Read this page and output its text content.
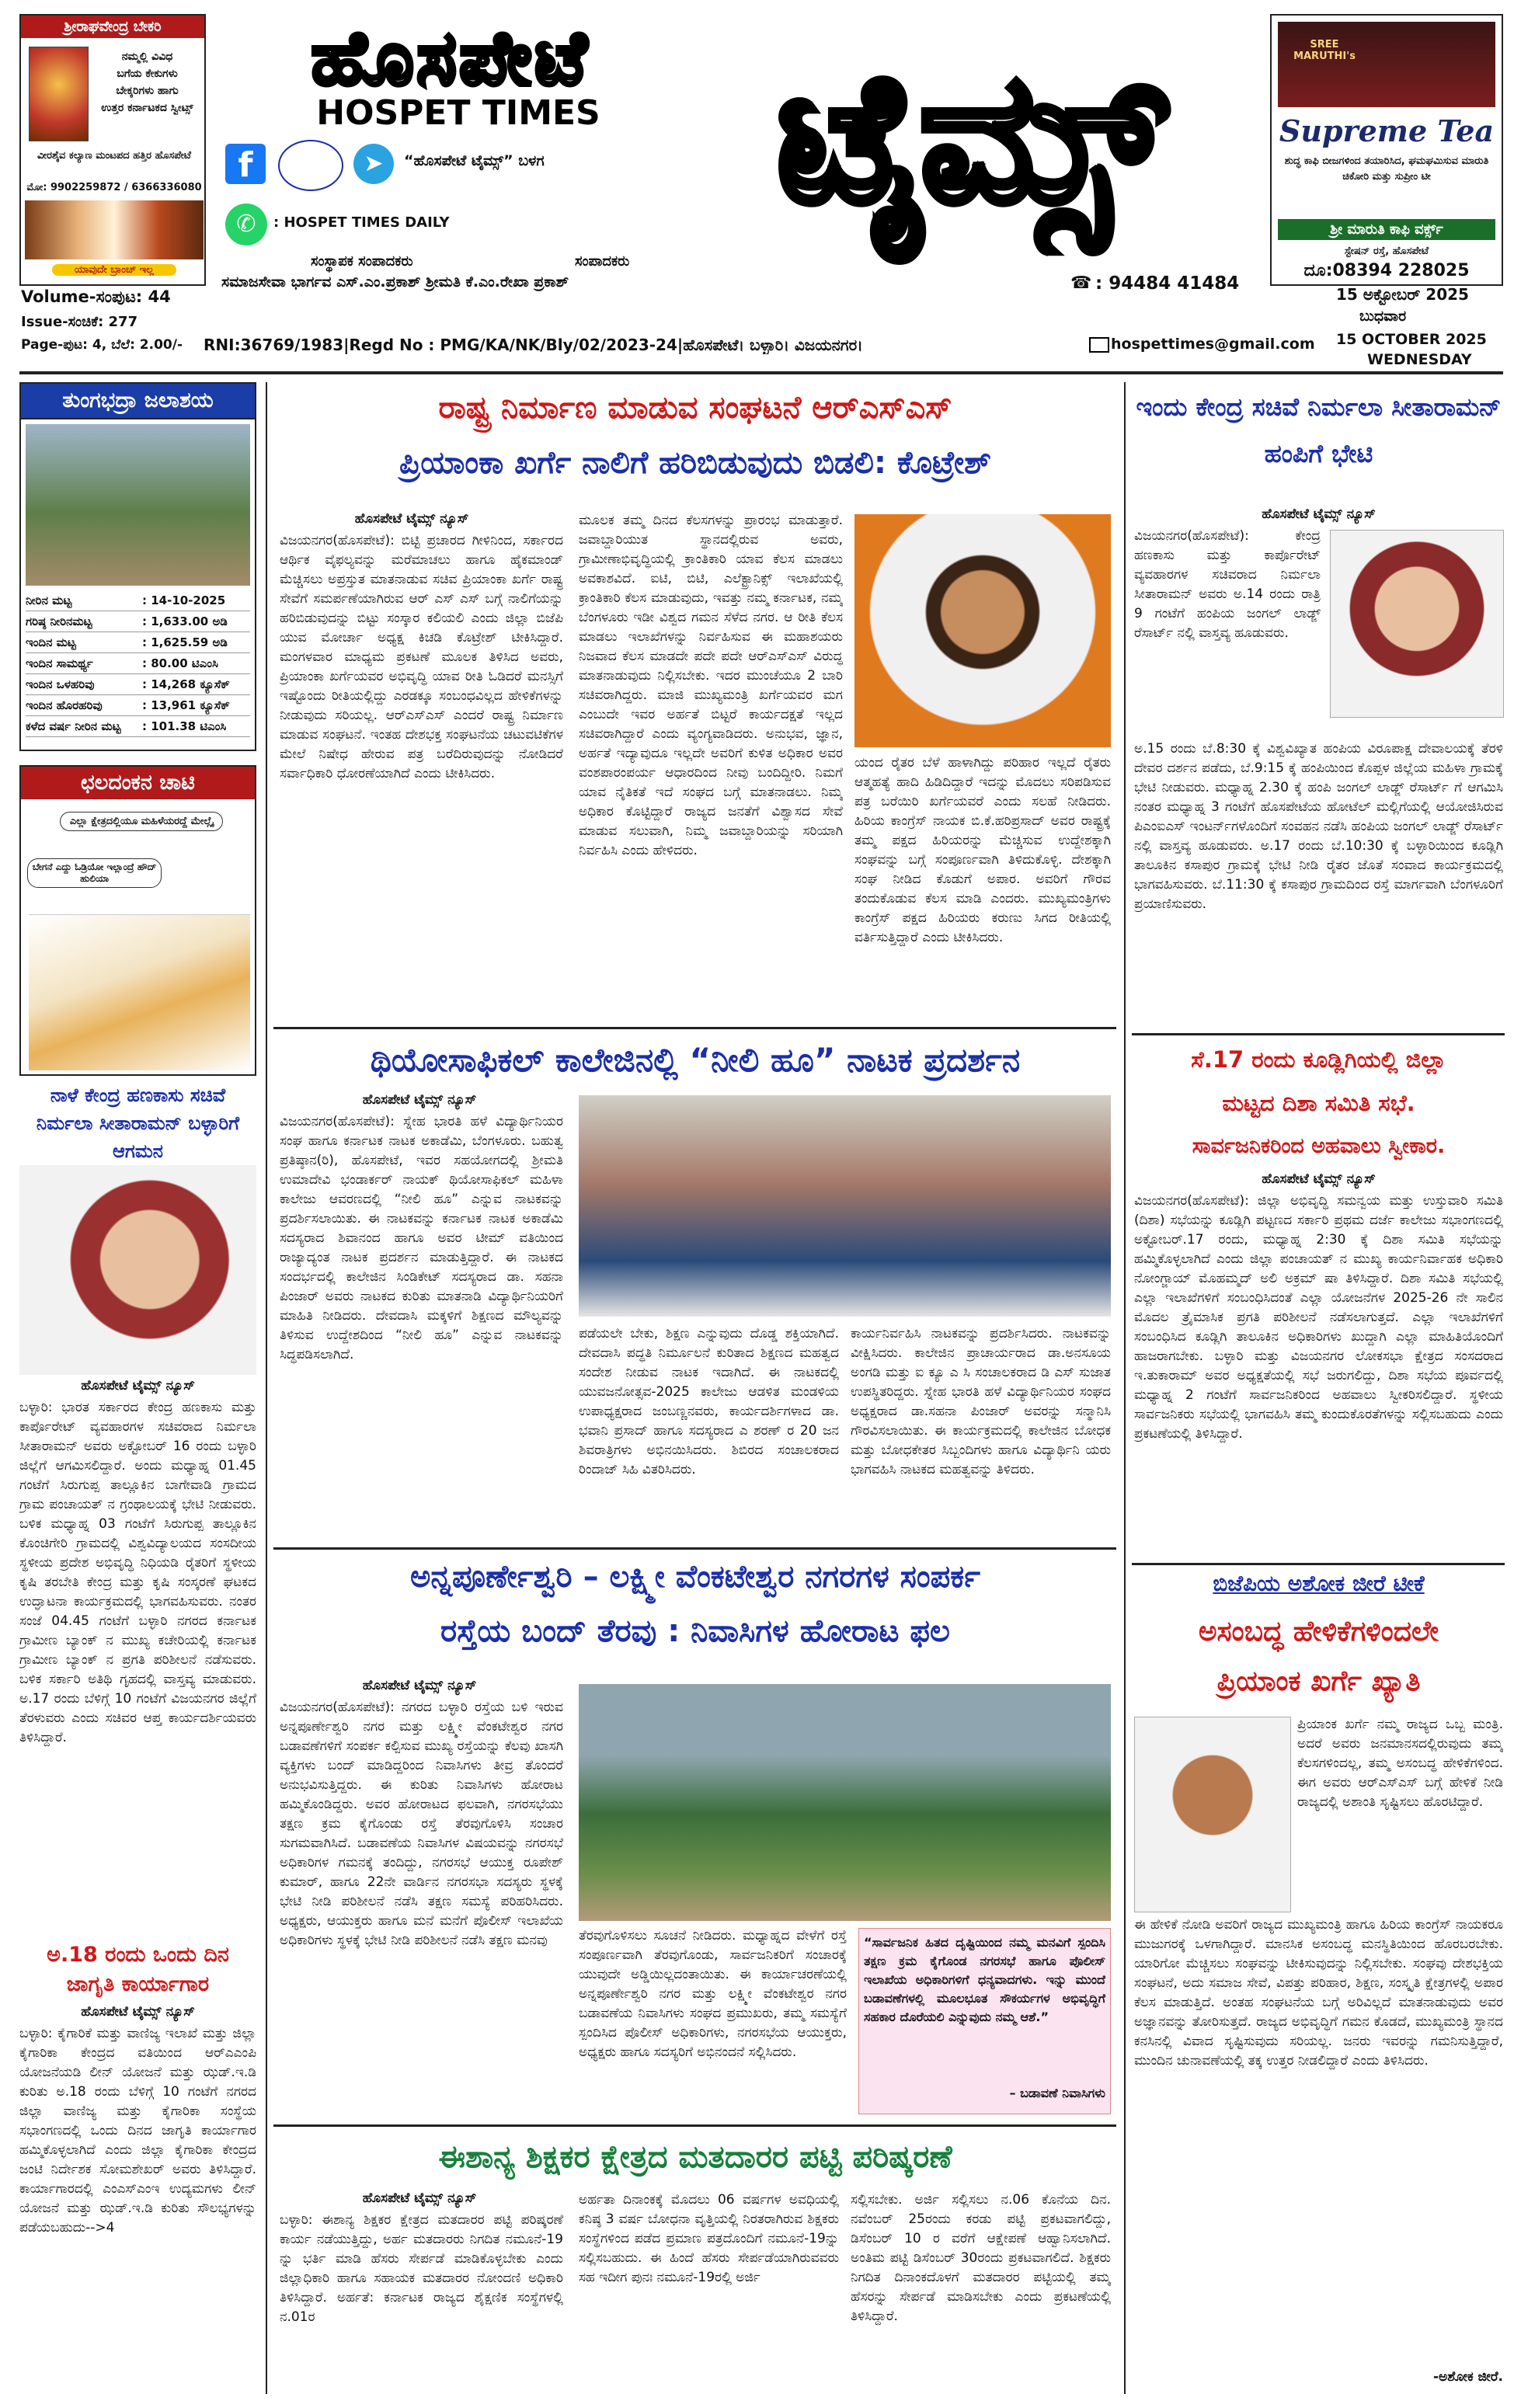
ಶ್ರೀರಾಘವೇಂದ್ರ ಬೇಕರಿ
ನಮ್ಮಲ್ಲಿ ವಿವಿಧ
ಬಗೆಯ ಕೇಕುಗಳು
ಬೇಕ್ಕರಿಗಳು ಹಾಗು
ಉತ್ತರ ಕರ್ನಾಟಕದ ಸ್ವೀಟ್ಸ್
ವೀರಶೈವ ಕಲ್ಯಾಣ ಮಂಟಪದ ಹತ್ತಿರ ಹೊಸಪೇಟೆ
ಮೋ: 9902259872 / 6366336080
ಯಾವುದೇ ಬ್ರಾಂಚ್ ಇಲ್ಲ
ಹೊಸಪೇಟೆ
HOSPET TIMES ಟೈಮ್ಸ್
f	➤	“ಹೊಸಪೇಟೆ ಟೈಮ್ಸ್” ಬಳಗ
✆	: HOSPET TIMES DAILY
ಸಂಸ್ಥಾಪಕ ಸಂಪಾದಕರು	ಸಂಪಾದಕರು
ಸಮಾಜಸೇವಾ ಭಾರ್ಗವ ಎಸ್.ಎಂ.ಪ್ರಕಾಶ್ ಶ್ರೀಮತಿ ಕೆ.ಎಂ.ರೇಖಾ ಪ್ರಕಾಶ್	☎ : 94484 41484
SREE MARUTHI's
Supreme Tea
ಶುದ್ಧ ಕಾಫಿ ಬೀಜಗಳಿಂದ ತಯಾರಿಸಿದ, ಘಮಘಮಿಸುವ ಮಾರುತಿ ಚಿಕೋರಿ ಮತ್ತು ಸುಪ್ರೀಂ ಟೀ
ಶ್ರೀ ಮಾರುತಿ ಕಾಫಿ ವರ್ಕ್ಸ್
ಸ್ಟೇಷನ್ ರಸ್ತೆ, ಹೊಸಪೇಟೆ
ದೂ:08394 228025
Volume-ಸಂಪುಟ: 44
Issue-ಸಂಚಿಕೆ: 277
Page-ಪುಟ: 4, ಬೆಲೆ: 2.00/- RNI:36769/1983|Regd No : PMG/KA/NK/Bly/02/2023-24|ಹೊಸಪೇಟೆ। ಬಳ್ಳಾರಿ। ವಿಜಯನಗರ।	hospettimes@gmail.com
15 ಅಕ್ಟೋಬರ್ 2025
ಬುಧವಾರ
15 OCTOBER 2025
WEDNESDAY
ತುಂಗಭದ್ರಾ ಜಲಾಶಯ
ನೀರಿನ ಮಟ್ಟ	: 14-10-2025
ಗರಿಷ್ಠ ನೀರಿನಮಟ್ಟ	: 1,633.00 ಅಡಿ
ಇಂದಿನ ಮಟ್ಟ	: 1,625.59 ಅಡಿ
ಇಂದಿನ ಸಾಮರ್ಥ್ಯ	: 80.00 ಟಿಎಂಸಿ
ಇಂದಿನ ಒಳಹರಿವು	: 14,268 ಕ್ಯೂಸೆಕ್
ಇಂದಿನ ಹೊರಹರಿವು	: 13,961 ಕ್ಯೂಸೆಕ್
ಕಳೆದ ವರ್ಷ ನೀರಿನ ಮಟ್ಟ	: 101.38 ಟಿಎಂಸಿ
ಛಲದಂಕನ ಚಾಟಿ
ಎಲ್ಲಾ ಕ್ಷೇತ್ರದಲ್ಲಿಯೂ ಮಹಿಳೆಯರದ್ದೆ ಮೇಲ್ಗೈ
ಬೇಗನೆ ಎದ್ದು ಓಡ್ರಿಯೋ ಇಲ್ಲಾಂದ್ರೆ ಹೌದ್ ಹುಲಿಯಾ
ನಾಳೆ ಕೇಂದ್ರ ಹಣಕಾಸು ಸಚಿವೆ ನಿರ್ಮಲಾ ಸೀತಾರಾಮನ್ ಬಳ್ಳಾರಿಗೆ ಆಗಮನ
ಹೊಸಪೇಟೆ ಟೈಮ್ಸ್ ನ್ಯೂಸ್
ಬಳ್ಳಾರಿ: ಭಾರತ ಸರ್ಕಾರದ ಕೇಂದ್ರ ಹಣಕಾಸು ಮತ್ತು ಕಾರ್ಪೊರೇಟ್ ವ್ಯವಹಾರಗಳ ಸಚಿವರಾದ ನಿರ್ಮಲಾ ಸೀತಾರಾಮನ್ ಅವರು ಅಕ್ಟೋಬರ್ 16 ರಂದು ಬಳ್ಳಾರಿ ಜಿಲ್ಲೆಗೆ ಆಗಮಿಸಲಿದ್ದಾರೆ. ಅಂದು ಮಧ್ಯಾಹ್ನ 01.45 ಗಂಟೆಗೆ ಸಿರುಗುಪ್ಪ ತಾಲ್ಲೂಕಿನ ಬಾಗೇವಾಡಿ ಗ್ರಾಮದ ಗ್ರಾಮ ಪಂಚಾಯತ್ ನ ಗ್ರಂಥಾಲಯಕ್ಕೆ ಭೇಟಿ ನೀಡುವರು. ಬಳಿಕ ಮಧ್ಯಾಹ್ನ 03 ಗಂಟೆಗೆ ಸಿರುಗುಪ್ಪ ತಾಲ್ಲೂಕಿನ ಕೊಂಚಿಗೇರಿ ಗ್ರಾಮದಲ್ಲಿ ವಿಶ್ವವಿದ್ಯಾಲಯದ ಸಂಸದೀಯ ಸ್ಥಳೀಯ ಪ್ರದೇಶ ಅಭಿವೃದ್ಧಿ ನಿಧಿಯಡಿ ರೈತರಿಗೆ ಸ್ಥಳೀಯ ಕೃಷಿ ತರಬೇತಿ ಕೇಂದ್ರ ಮತ್ತು ಕೃಷಿ ಸಂಸ್ಕರಣೆ ಘಟಕದ ಉದ್ಘಾಟನಾ ಕಾರ್ಯಕ್ರಮದಲ್ಲಿ ಭಾಗವಹಿಸುವರು. ನಂತರ ಸಂಜೆ 04.45 ಗಂಟೆಗೆ ಬಳ್ಳಾರಿ ನಗರದ ಕರ್ನಾಟಕ ಗ್ರಾಮೀಣ ಬ್ಯಾಂಕ್ ನ ಮುಖ್ಯ ಕಚೇರಿಯಲ್ಲಿ ಕರ್ನಾಟಕ ಗ್ರಾಮೀಣ ಬ್ಯಾಂಕ್ ನ ಪ್ರಗತಿ ಪರಿಶೀಲನೆ ನಡೆಸುವರು. ಬಳಿಕ ಸರ್ಕಾರಿ ಅತಿಥಿ ಗೃಹದಲ್ಲಿ ವಾಸ್ತವ್ಯ ಮಾಡುವರು. ಅ.17 ರಂದು ಬೆಳಿಗ್ಗೆ 10 ಗಂಟೆಗೆ ವಿಜಯನಗರ ಜಿಲ್ಲೆಗೆ ತೆರಳುವರು ಎಂದು ಸಚಿವರ ಆಪ್ತ ಕಾರ್ಯದರ್ಶಿಯವರು ತಿಳಿಸಿದ್ದಾರೆ.
ಅ.18 ರಂದು ಒಂದು ದಿನ ಜಾಗೃತಿ ಕಾರ್ಯಾಗಾರ
ಹೊಸಪೇಟೆ ಟೈಮ್ಸ್ ನ್ಯೂಸ್
ಬಳ್ಳಾರಿ: ಕೈಗಾರಿಕೆ ಮತ್ತು ವಾಣಿಜ್ಯ ಇಲಾಖೆ ಮತ್ತು ಜಿಲ್ಲಾ ಕೈಗಾರಿಕಾ ಕೇಂದ್ರದ ವತಿಯಿಂದ ಆರ್‌ಎಎಂಪಿ ಯೋಜನೆಯಡಿ ಲೀನ್ ಯೋಜನೆ ಮತ್ತು ಝಡ್.ಇ.ಡಿ ಕುರಿತು ಅ.18 ರಂದು ಬೆಳಿಗ್ಗೆ 10 ಗಂಟೆಗೆ ನಗರದ ಜಿಲ್ಲಾ ವಾಣಿಜ್ಯ ಮತ್ತು ಕೈಗಾರಿಕಾ ಸಂಸ್ಥೆಯ ಸಭಾಂಗಣದಲ್ಲಿ ಒಂದು ದಿನದ ಜಾಗೃತಿ ಕಾರ್ಯಾಗಾರ ಹಮ್ಮಿಕೊಳ್ಳಲಾಗಿದೆ ಎಂದು ಜಿಲ್ಲಾ ಕೈಗಾರಿಕಾ ಕೇಂದ್ರದ ಜಂಟಿ ನಿರ್ದೇಶಕ ಸೋಮಶೇಖರ್ ಅವರು ತಿಳಿಸಿದ್ದಾರೆ. ಕಾರ್ಯಾಗಾರದಲ್ಲಿ ಎಂಎಸ್‌ಎಂಇ ಉದ್ಯಮಗಳು ಲೀನ್ ಯೋಜನೆ ಮತ್ತು ಝಡ್.ಇ.ಡಿ ಕುರಿತು ಸೌಲಭ್ಯಗಳನ್ನು ಪಡೆಯಬಹುದು-->4
ರಾಷ್ಟ್ರ ನಿರ್ಮಾಣ ಮಾಡುವ ಸಂಘಟನೆ ಆರ್‌ಎಸ್‌ಎಸ್
ಪ್ರಿಯಾಂಕಾ ಖರ್ಗೆ ನಾಲಿಗೆ ಹರಿಬಿಡುವುದು ಬಿಡಲಿ: ಕೊಟ್ರೇಶ್
ಹೊಸಪೇಟೆ ಟೈಮ್ಸ್ ನ್ಯೂಸ್
ವಿಜಯನಗರ(ಹೊಸಪೇಟೆ): ಬಿಟ್ಟಿ ಪ್ರಚಾರದ ಗೀಳಿನಿಂದ, ಸರ್ಕಾರದ ಆರ್ಥಿಕ ವೈಫಲ್ಯವನ್ನು ಮರೆಮಾಚಲು ಹಾಗೂ ಹೈಕಮಾಂಡ್ ಮೆಚ್ಚಿಸಲು ಅಪ್ರಸ್ತುತ ಮಾತನಾಡುವ ಸಚಿವ ಪ್ರಿಯಾಂಕಾ ಖರ್ಗೆ ರಾಷ್ಟ್ರ ಸೇವೆಗೆ ಸಮರ್ಪಣೆಯಾಗಿರುವ ಆರ್ ಎಸ್ ಎಸ್ ಬಗ್ಗೆ ನಾಲಿಗೆಯನ್ನು ಹರಿಬಿಡುವುದನ್ನು ಬಿಟ್ಟು ಸಂಸ್ಕಾರ ಕಲಿಯಲಿ ಎಂದು ಜಿಲ್ಲಾ ಬಿಜೆಪಿ ಯುವ ಮೋರ್ಚಾ ಅಧ್ಯಕ್ಷ ಕಿಚಡಿ ಕೊಟ್ರೇಶ್ ಟೀಕಿಸಿದ್ದಾರೆ. ಮಂಗಳವಾರ ಮಾಧ್ಯಮ ಪ್ರಕಟಣೆ ಮೂಲಕ ತಿಳಿಸಿದ ಅವರು, ಪ್ರಿಯಾಂಕಾ ಖರ್ಗೆಯವರ ಅಭಿವೃದ್ಧಿ ಯಾವ ರೀತಿ ಓಡಿದರೆ ಮನಸ್ಸಿಗೆ ಇಷ್ಟೊಂದು ರೀತಿಯಲ್ಲಿದ್ದು ಎರಡಕ್ಕೂ ಸಂಬಂಧವಿಲ್ಲದ ಹೇಳಿಕೆಗಳನ್ನು ನೀಡುವುದು ಸರಿಯಲ್ಲ. ಆರ್‌ಎಸ್‌ಎಸ್ ಎಂದರೆ ರಾಷ್ಟ್ರ ನಿರ್ಮಾಣ ಮಾಡುವ ಸಂಘಟನೆ. ಇಂತಹ ದೇಶಭಕ್ತ ಸಂಘಟನೆಯ ಚಟುವಟಿಕೆಗಳ ಮೇಲೆ ನಿಷೇಧ ಹೇರುವ ಪತ್ರ ಬರೆದಿರುವುದನ್ನು ನೋಡಿದರೆ ಸರ್ವಾಧಿಕಾರಿ ಧೋರಣೆಯಾಗಿದೆ ಎಂದು ಟೀಕಿಸಿದರು.
ಮೂಲಕ ತಮ್ಮ ದಿನದ ಕೆಲಸಗಳನ್ನು ಪ್ರಾರಂಭ ಮಾಡುತ್ತಾರೆ. ಜವಾಬ್ದಾರಿಯುತ ಸ್ಥಾನದಲ್ಲಿರುವ ಅವರು, ಗ್ರಾಮೀಣಾಭಿವೃದ್ಧಿಯಲ್ಲಿ ಕ್ರಾಂತಿಕಾರಿ ಯಾವ ಕೆಲಸ ಮಾಡಲು ಅವಕಾಶವಿದೆ. ಐಟಿ, ಬಿಟಿ, ಎಲೆಕ್ಟ್ರಾನಿಕ್ಸ್ ಇಲಾಖೆಯಲ್ಲಿ ಕ್ರಾಂತಿಕಾರಿ ಕೆಲಸ ಮಾಡುವುದು, ಇವತ್ತು ನಮ್ಮ ಕರ್ನಾಟಕ, ನಮ್ಮ ಬೆಂಗಳೂರು ಇಡೀ ವಿಶ್ವದ ಗಮನ ಸೆಳೆದ ನಗರ. ಆ ರೀತಿ ಕೆಲಸ ಮಾಡಲು ಇಲಾಖೆಗಳನ್ನು ನಿರ್ವಹಿಸುವ ಈ ಮಹಾಶಯರು ನಿಜವಾದ ಕೆಲಸ ಮಾಡದೇ ಪದೇ ಪದೇ ಆರ್‌ಎಸ್‌ಎಸ್ ವಿರುದ್ಧ ಮಾತನಾಡುವುದು ನಿಲ್ಲಿಸಬೇಕು. ಇದರ ಮುಂಚೆಯೂ 2 ಬಾರಿ ಸಚಿವರಾಗಿದ್ದರು. ಮಾಜಿ ಮುಖ್ಯಮಂತ್ರಿ ಖರ್ಗೆಯವರ ಮಗ ಎಂಬುದೇ ಇವರ ಅರ್ಹತೆ ಬಿಟ್ಟರೆ ಕಾರ್ಯದಕ್ಷತೆ ಇಲ್ಲದ ಸಚಿವರಾಗಿದ್ದಾರೆ ಎಂದು ವ್ಯಂಗ್ಯವಾಡಿದರು. ಅನುಭವ, ಜ್ಞಾನ, ಅರ್ಹತೆ ಇದ್ಯಾವುದೂ ಇಲ್ಲದೇ ಅವರಿಗೆ ಕುಳಿತ ಅಧಿಕಾರ ಅವರ ವಂಶಪಾರಂಪರ್ಯ ಆಧಾರದಿಂದ ನೀವು ಬಂದಿದ್ದೀರಿ. ನಿಮಗೆ ಯಾವ ನೈತಿಕತೆ ಇದೆ ಸಂಘದ ಬಗ್ಗೆ ಮಾತನಾಡಲು. ನಿಮ್ಮ ಅಧಿಕಾರ ಕೊಟ್ಟಿದ್ದಾರೆ ರಾಜ್ಯದ ಜನತೆಗೆ ವಿಶ್ವಾಸದ ಸೇವೆ ಮಾಡುವ ಸಲುವಾಗಿ, ನಿಮ್ಮ ಜವಾಬ್ದಾರಿಯನ್ನು ಸರಿಯಾಗಿ ನಿರ್ವಹಿಸಿ ಎಂದು ಹೇಳಿದರು.
ಯಂದ ರೈತರ ಬೆಳೆ ಹಾಳಾಗಿದ್ದು ಪರಿಹಾರ ಇಲ್ಲದೆ ರೈತರು ಆತ್ಮಹತ್ಯೆ ಹಾದಿ ಹಿಡಿದಿದ್ದಾರೆ ಇದನ್ನು ಮೊದಲು ಸರಿಪಡಿಸುವ ಪತ್ರ ಬರೆಯಿರಿ ಖರ್ಗೆಯವರೆ ಎಂದು ಸಲಹೆ ನೀಡಿದರು. ಹಿರಿಯ ಕಾಂಗ್ರೆಸ್ ನಾಯಕ ಬಿ.ಕೆ.ಹರಿಪ್ರಸಾದ್ ಅವರ ರಾಷ್ಟ್ರಕ್ಕೆ ತಮ್ಮ ಪಕ್ಷದ ಹಿರಿಯರನ್ನು ಮೆಚ್ಚಿಸುವ ಉದ್ದೇಶಕ್ಕಾಗಿ ಸಂಘವನ್ನು ಬಗ್ಗೆ ಸಂಪೂರ್ಣವಾಗಿ ತಿಳಿದುಕೊಳ್ಳಿ. ದೇಶಕ್ಕಾಗಿ ಸಂಘ ನೀಡಿದ ಕೊಡುಗೆ ಅಪಾರ. ಅವರಿಗೆ ಗೌರವ ತಂದುಕೊಡುವ ಕೆಲಸ ಮಾಡಿ ಎಂದರು. ಮುಖ್ಯಮಂತ್ರಿಗಳು ಕಾಂಗ್ರೆಸ್ ಪಕ್ಷದ ಹಿರಿಯರು ಕರುಣು ಸಿಗದ ರೀತಿಯಲ್ಲಿ ವರ್ತಿಸುತ್ತಿದ್ದಾರೆ ಎಂದು ಟೀಕಿಸಿದರು.
ಥಿಯೋಸಾಫಿಕಲ್ ಕಾಲೇಜಿನಲ್ಲಿ “ನೀಲಿ ಹೂ” ನಾಟಕ ಪ್ರದರ್ಶನ
ಹೊಸಪೇಟೆ ಟೈಮ್ಸ್ ನ್ಯೂಸ್
ವಿಜಯನಗರ(ಹೊಸಪೇಟೆ): ಸ್ನೇಹ ಭಾರತಿ ಹಳೆ ವಿದ್ಯಾರ್ಥಿನಿಯರ ಸಂಘ ಹಾಗೂ ಕರ್ನಾಟಕ ನಾಟಕ ಅಕಾಡೆಮಿ, ಬೆಂಗಳೂರು. ಬಹುತ್ವ ಪ್ರತಿಷ್ಠಾನ(ರಿ), ಹೊಸಪೇಟೆ, ಇವರ ಸಹಯೋಗದಲ್ಲಿ ಶ್ರೀಮತಿ ಉಮಾದೇವಿ ಭಂಡಾರ್ಕರ್ ನಾಯಕ್ ಥಿಯೋಸಾಫಿಕಲ್ ಮಹಿಳಾ ಕಾಲೇಜು ಆವರಣದಲ್ಲಿ “ನೀಲಿ ಹೂ” ಎನ್ನುವ ನಾಟಕವನ್ನು ಪ್ರದರ್ಶಿಸಲಾಯಿತು. ಈ ನಾಟಕವನ್ನು ಕರ್ನಾಟಕ ನಾಟಕ ಅಕಾಡೆಮಿ ಸದಸ್ಯರಾದ ಶಿವಾನಂದ ಹಾಗೂ ಅವರ ಟೀಮ್ ವತಿಯಿಂದ ರಾಜ್ಯಾದ್ಯಂತ ನಾಟಕ ಪ್ರದರ್ಶನ ಮಾಡುತ್ತಿದ್ದಾರೆ. ಈ ನಾಟಕದ ಸಂದರ್ಭದಲ್ಲಿ ಕಾಲೇಜಿನ ಸಿಂಡಿಕೇಟ್ ಸದಸ್ಯರಾದ ಡಾ. ಸಹನಾ ಪಿಂಜಾರ್ ಅವರು ನಾಟಕದ ಕುರಿತು ಮಾತನಾಡಿ ವಿದ್ಯಾರ್ಥಿನಿಯರಿಗೆ ಮಾಹಿತಿ ನೀಡಿದರು. ದೇವದಾಸಿ ಮಕ್ಕಳಿಗೆ ಶಿಕ್ಷಣದ ಮೌಲ್ಯವನ್ನು ತಿಳಿಸುವ ಉದ್ದೇಶದಿಂದ “ನೀಲಿ ಹೂ” ಎನ್ನುವ ನಾಟಕವನ್ನು ಸಿದ್ಧಪಡಿಸಲಾಗಿದೆ.
ಪಡೆಯಲೇ ಬೇಕು, ಶಿಕ್ಷಣ ಎನ್ನುವುದು ದೊಡ್ಡ ಶಕ್ತಿಯಾಗಿದೆ. ದೇವದಾಸಿ ಪದ್ಧತಿ ನಿರ್ಮೂಲನೆ ಕುರಿತಾದ ಶಿಕ್ಷಣದ ಮಹತ್ವದ ಸಂದೇಶ ನೀಡುವ ನಾಟಕ ಇದಾಗಿದೆ. ಈ ನಾಟಕದಲ್ಲಿ ಯುವಜನೋತ್ಸವ-2025 ಕಾಲೇಜು ಆಡಳಿತ ಮಂಡಳಿಯ ಉಪಾಧ್ಯಕ್ಷರಾದ ಜಂಬಣ್ಣನವರು, ಕಾರ್ಯದರ್ಶಿಗಳಾದ ಡಾ. ಭವಾನಿ ಪ್ರಸಾದ್ ಹಾಗೂ ಸದಸ್ಯರಾದ ಎ ಶರಣ್ ರ 20 ಜನ ಶಿವರಾತ್ರಿಗಳು ಅಭಿನಯಿಸಿದರು. ಶಿಬಿರದ ಸಂಚಾಲಕರಾದ ರಿಂದಾಜ್ ಸಿಹಿ ವಿತರಿಸಿದರು.
ಕಾರ್ಯನಿರ್ವಹಿಸಿ ನಾಟಕವನ್ನು ಪ್ರದರ್ಶಿಸಿದರು. ನಾಟಕವನ್ನು ವೀಕ್ಷಿಸಿದರು. ಕಾಲೇಜಿನ ಪ್ರಾಚಾರ್ಯರಾದ ಡಾ.ಅನಸೂಯ ಅಂಗಡಿ ಮತ್ತು ಐ ಕ್ಯೂ ಎ ಸಿ ಸಂಚಾಲಕರಾದ ಡಿ ಎಸ್ ಸುಜಾತ ಉಪಸ್ಥಿತರಿದ್ದರು. ಸ್ನೇಹ ಭಾರತಿ ಹಳೆ ವಿದ್ಯಾರ್ಥಿನಿಯರ ಸಂಘದ ಅಧ್ಯಕ್ಷರಾದ ಡಾ.ಸಹನಾ ಪಿಂಜಾರ್ ಅವರನ್ನು ಸನ್ಮಾನಿಸಿ ಗೌರವಿಸಲಾಯಿತು. ಈ ಕಾರ್ಯಕ್ರಮದಲ್ಲಿ ಕಾಲೇಜಿನ ಬೋಧಕ ಮತ್ತು ಬೋಧಕೇತರ ಸಿಬ್ಬಂದಿಗಳು ಹಾಗೂ ವಿದ್ಯಾರ್ಥಿನಿ ಯರು ಭಾಗವಹಿಸಿ ನಾಟಕದ ಮಹತ್ವವನ್ನು ತಿಳಿದರು.
ಅನ್ನಪೂರ್ಣೇಶ್ವರಿ – ಲಕ್ಷ್ಮೀ ವೆಂಕಟೇಶ್ವರ ನಗರಗಳ ಸಂಪರ್ಕ
ರಸ್ತೆಯ ಬಂದ್ ತೆರವು : ನಿವಾಸಿಗಳ ಹೋರಾಟ ಫಲ
ಹೊಸಪೇಟೆ ಟೈಮ್ಸ್ ನ್ಯೂಸ್
ವಿಜಯನಗರ(ಹೊಸಪೇಟೆ): ನಗರದ ಬಳ್ಳಾರಿ ರಸ್ತೆಯ ಬಳಿ ಇರುವ ಅನ್ನಪೂರ್ಣೇಶ್ವರಿ ನಗರ ಮತ್ತು ಲಕ್ಷ್ಮೀ ವೆಂಕಟೇಶ್ವರ ನಗರ ಬಡಾವಣೆಗಳಿಗೆ ಸಂಪರ್ಕ ಕಲ್ಪಿಸುವ ಮುಖ್ಯ ರಸ್ತೆಯನ್ನು ಕೆಲವು ಖಾಸಗಿ ವ್ಯಕ್ತಿಗಳು ಬಂದ್ ಮಾಡಿದ್ದರಿಂದ ನಿವಾಸಿಗಳು ತೀವ್ರ ತೊಂದರೆ ಅನುಭವಿಸುತ್ತಿದ್ದರು. ಈ ಕುರಿತು ನಿವಾಸಿಗಳು ಹೋರಾಟ ಹಮ್ಮಿಕೊಂಡಿದ್ದರು. ಅವರ ಹೋರಾಟದ ಫಲವಾಗಿ, ನಗರಸಭೆಯು ತಕ್ಷಣ ಕ್ರಮ ಕೈಗೊಂಡು ರಸ್ತೆ ತೆರವುಗೊಳಿಸಿ ಸಂಚಾರ ಸುಗಮವಾಗಿಸಿದೆ. ಬಡಾವಣೆಯ ನಿವಾಸಿಗಳ ವಿಷಯವನ್ನು ನಗರಸಭೆ ಅಧಿಕಾರಿಗಳ ಗಮನಕ್ಕೆ ತಂದಿದ್ದು, ನಗರಸಭೆ ಆಯುಕ್ತ ರೂಪೇಶ್ ಕುಮಾರ್, ಹಾಗೂ 22ನೇ ವಾರ್ಡಿನ ನಗರಸಭಾ ಸದಸ್ಯರು ಸ್ಥಳಕ್ಕೆ ಭೇಟಿ ನೀಡಿ ಪರಿಶೀಲನೆ ನಡೆಸಿ ತಕ್ಷಣ ಸಮಸ್ಯೆ ಪರಿಹರಿಸಿದರು. ಅಧ್ಯಕ್ಷರು, ಆಯುಕ್ತರು ಹಾಗೂ ಮನೆ ಮನೆಗೆ ಪೊಲೀಸ್ ಇಲಾಖೆಯ ಅಧಿಕಾರಿಗಳು ಸ್ಥಳಕ್ಕೆ ಭೇಟಿ ನೀಡಿ ಪರಿಶೀಲನೆ ನಡೆಸಿ ತಕ್ಷಣ ಮನವು	ತೆರವುಗೊಳಿಸಲು ಸೂಚನೆ ನೀಡಿದರು. ಮಧ್ಯಾಹ್ನದ ವೇಳೆಗೆ ರಸ್ತೆ ಸಂಪೂರ್ಣವಾಗಿ ತೆರವುಗೊಂಡು, ಸಾರ್ವಜನಿಕರಿಗೆ ಸಂಚಾರಕ್ಕೆ ಯುವುದೇ ಅಡ್ಡಿಯಿಲ್ಲದಂತಾಯಿತು. ಈ ಕಾರ್ಯಾಚರಣೆಯಲ್ಲಿ ಅನ್ನಪೂರ್ಣೇಶ್ವರಿ ನಗರ ಮತ್ತು ಲಕ್ಷ್ಮೀ ವೆಂಕಟೇಶ್ವರ ನಗರ ಬಡಾವಣೆಯ ನಿವಾಸಿಗಳು ಸಂಘದ ಪ್ರಮುಖರು, ತಮ್ಮ ಸಮಸ್ಯೆಗೆ ಸ್ಪಂದಿಸಿದ ಪೊಲೀಸ್ ಅಧಿಕಾರಿಗಳು, ನಗರಸಭೆಯ ಆಯುಕ್ತರು, ಅಧ್ಯಕ್ಷರು ಹಾಗೂ ಸದಸ್ಯರಿಗೆ ಅಭಿನಂದನೆ ಸಲ್ಲಿಸಿದರು.
“ಸಾರ್ವಜನಿಕ ಹಿತದ ದೃಷ್ಟಿಯಿಂದ ನಮ್ಮ ಮನವಿಗೆ ಸ್ಪಂದಿಸಿ ತಕ್ಷಣ ಕ್ರಮ ಕೈಗೊಂಡ ನಗರಸಭೆ ಹಾಗೂ ಪೊಲೀಸ್ ಇಲಾಖೆಯ ಅಧಿಕಾರಿಗಳಿಗೆ ಧನ್ಯವಾದಗಳು. ಇನ್ನು ಮುಂದೆ ಬಡಾವಣೆಗಳಲ್ಲಿ ಮೂಲಭೂತ ಸೌಕರ್ಯಗಳ ಅಭಿವೃದ್ಧಿಗೆ ಸಹಕಾರ ದೊರೆಯಲಿ ಎನ್ನುವುದು ನಮ್ಮ ಆಶೆ.”
– ಬಡಾವಣೆ ನಿವಾಸಿಗಳು
ಈಶಾನ್ಯ ಶಿಕ್ಷಕರ ಕ್ಷೇತ್ರದ ಮತದಾರರ ಪಟ್ಟಿ ಪರಿಷ್ಕರಣೆ
ಹೊಸಪೇಟೆ ಟೈಮ್ಸ್ ನ್ಯೂಸ್
ಬಳ್ಳಾರಿ: ಈಶಾನ್ಯ ಶಿಕ್ಷಕರ ಕ್ಷೇತ್ರದ ಮತದಾರರ ಪಟ್ಟಿ ಪರಿಷ್ಕರಣೆ ಕಾರ್ಯ ನಡೆಯುತ್ತಿದ್ದು, ಅರ್ಹ ಮತದಾರರು ನಿಗದಿತ ನಮೂನೆ-19 ನ್ನು ಭರ್ತಿ ಮಾಡಿ ಹೆಸರು ಸೇರ್ಪಡೆ ಮಾಡಿಕೊಳ್ಳಬೇಕು ಎಂದು ಜಿಲ್ಲಾಧಿಕಾರಿ ಹಾಗೂ ಸಹಾಯಕ ಮತದಾರರ ನೋಂದಣಿ ಅಧಿಕಾರಿ ತಿಳಿಸಿದ್ದಾರೆ. ಅರ್ಹತೆ: ಕರ್ನಾಟಕ ರಾಜ್ಯದ ಶೈಕ್ಷಣಿಕ ಸಂಸ್ಥೆಗಳಲ್ಲಿ ನ.01ರ
ಅರ್ಹತಾ ದಿನಾಂಕಕ್ಕೆ ಮೊದಲು 06 ವರ್ಷಗಳ ಅವಧಿಯಲ್ಲಿ ಕನಿಷ್ಠ 3 ವರ್ಷ ಬೋಧನಾ ವೃತ್ತಿಯಲ್ಲಿ ನಿರತರಾಗಿರುವ ಶಿಕ್ಷಕರು ಸಂಸ್ಥೆಗಳಿಂದ ಪಡೆದ ಪ್ರಮಾಣ ಪತ್ರದೊಂದಿಗೆ ನಮೂನೆ-19ನ್ನು ಸಲ್ಲಿಸಬಹುದು. ಈ ಹಿಂದೆ ಹೆಸರು ಸೇರ್ಪಡೆಯಾಗಿರುವವರು ಸಹ ಇದೀಗ ಪುನಃ ನಮೂನೆ-19ರಲ್ಲಿ ಅರ್ಜಿ
ಸಲ್ಲಿಸಬೇಕು. ಅರ್ಜಿ ಸಲ್ಲಿಸಲು ನ.06 ಕೊನೆಯ ದಿನ. ನವೆಂಬರ್ 25ರಂದು ಕರಡು ಪಟ್ಟಿ ಪ್ರಕಟವಾಗಲಿದ್ದು, ಡಿಸೆಂಬರ್ 10 ರ ವರೆಗೆ ಆಕ್ಷೇಪಣೆ ಆಹ್ವಾನಿಸಲಾಗಿದೆ. ಅಂತಿಮ ಪಟ್ಟಿ ಡಿಸೆಂಬರ್ 30ರಂದು ಪ್ರಕಟವಾಗಲಿದೆ. ಶಿಕ್ಷಕರು ನಿಗದಿತ ದಿನಾಂಕದೊಳಗೆ ಮತದಾರರ ಪಟ್ಟಿಯಲ್ಲಿ ತಮ್ಮ ಹೆಸರನ್ನು ಸೇರ್ಪಡೆ ಮಾಡಿಸಬೇಕು ಎಂದು ಪ್ರಕಟಣೆಯಲ್ಲಿ ತಿಳಿಸಿದ್ದಾರೆ.
ಇಂದು ಕೇಂದ್ರ ಸಚಿವೆ ನಿರ್ಮಲಾ ಸೀತಾರಾಮನ್ ಹಂಪಿಗೆ ಭೇಟಿ
ಹೊಸಪೇಟೆ ಟೈಮ್ಸ್ ನ್ಯೂಸ್
ವಿಜಯನಗರ(ಹೊಸಪೇಟೆ): ಕೇಂದ್ರ ಹಣಕಾಸು ಮತ್ತು ಕಾರ್ಪೊರೇಟ್ ವ್ಯವಹಾರಗಳ ಸಚಿವರಾದ ನಿರ್ಮಲಾ ಸೀತಾರಾಮನ್ ಅವರು ಅ.14 ರಂದು ರಾತ್ರಿ 9 ಗಂಟೆಗೆ ಹಂಪಿಯ ಜಂಗಲ್ ಲಾಡ್ಜ್ ರೆಸಾರ್ಟ್ ನಲ್ಲಿ ವಾಸ್ತವ್ಯ ಹೂಡುವರು.
ಅ.15 ರಂದು ಬೆ.8:30 ಕ್ಕೆ ವಿಶ್ವವಿಖ್ಯಾತ ಹಂಪಿಯ ವಿರೂಪಾಕ್ಷ ದೇವಾಲಯಕ್ಕೆ ತೆರಳಿ ದೇವರ ದರ್ಶನ ಪಡೆದು, ಬೆ.9:15 ಕ್ಕೆ ಹಂಪಿಯಿಂದ ಕೊಪ್ಪಳ ಜಿಲ್ಲೆಯ ಮಹಿಳಾ ಗ್ರಾಮಕ್ಕೆ ಭೇಟಿ ನೀಡುವರು. ಮಧ್ಯಾಹ್ನ 2.30 ಕ್ಕೆ ಹಂಪಿ ಜಂಗಲ್ ಲಾಡ್ಜ್ ರೆಸಾರ್ಟ್ ಗೆ ಆಗಮಿಸಿ ನಂತರ ಮಧ್ಯಾಹ್ನ 3 ಗಂಟೆಗೆ ಹೊಸಪೇಟೆಯ ಹೋಟೆಲ್ ಮಲ್ಲಿಗೆಯಲ್ಲಿ ಆಯೋಜಿಸಿರುವ ಪಿಎಂಐಎಸ್ ಇಂಟರ್ನ್‌ಗಳೊಂದಿಗೆ ಸಂವಹನ ನಡೆಸಿ ಹಂಪಿಯ ಜಂಗಲ್ ಲಾಡ್ಜ್ ರೆಸಾರ್ಟ್ ನಲ್ಲಿ ವಾಸ್ತವ್ಯ ಹೂಡುವರು. ಅ.17 ರಂದು ಬೆ.10:30 ಕ್ಕೆ ಬಳ್ಳಾರಿಯಿಂದ ಕೂಡ್ಲಿಗಿ ತಾಲೂಕಿನ ಕಸಾಪುರ ಗ್ರಾಮಕ್ಕೆ ಭೇಟಿ ನೀಡಿ ರೈತರ ಜೊತೆ ಸಂವಾದ ಕಾರ್ಯಕ್ರಮದಲ್ಲಿ ಭಾಗವಹಿಸುವರು. ಬೆ.11:30 ಕ್ಕೆ ಕಸಾಪುರ ಗ್ರಾಮದಿಂದ ರಸ್ತೆ ಮಾರ್ಗವಾಗಿ ಬೆಂಗಳೂರಿಗೆ ಪ್ರಯಾಣಿಸುವರು.
ಸೆ.17 ರಂದು ಕೂಡ್ಲಿಗಿಯಲ್ಲಿ ಜಿಲ್ಲಾ
ಮಟ್ಟದ ದಿಶಾ ಸಮಿತಿ ಸಭೆ.
ಸಾರ್ವಜನಿಕರಿಂದ ಅಹವಾಲು ಸ್ವೀಕಾರ.
ಹೊಸಪೇಟೆ ಟೈಮ್ಸ್ ನ್ಯೂಸ್
ವಿಜಯನಗರ(ಹೊಸಪೇಟೆ): ಜಿಲ್ಲಾ ಅಭಿವೃದ್ಧಿ ಸಮನ್ವಯ ಮತ್ತು ಉಸ್ತುವಾರಿ ಸಮಿತಿ (ದಿಶಾ) ಸಭೆಯನ್ನು ಕೂಡ್ಲಿಗಿ ಪಟ್ಟಣದ ಸರ್ಕಾರಿ ಪ್ರಥಮ ದರ್ಜೆ ಕಾಲೇಜು ಸಭಾಂಗಣದಲ್ಲಿ ಅಕ್ಟೋಬರ್.17 ರಂದು, ಮಧ್ಯಾಹ್ನ 2:30 ಕ್ಕೆ ದಿಶಾ ಸಮಿತಿ ಸಭೆಯನ್ನು ಹಮ್ಮಿಕೊಳ್ಳಲಾಗಿದೆ ಎಂದು ಜಿಲ್ಲಾ ಪಂಚಾಯತ್ ನ ಮುಖ್ಯ ಕಾರ್ಯನಿರ್ವಾಹಕ ಅಧಿಕಾರಿ ನೋಂಗ್ಜಾಯ್ ಮೊಹಮ್ಮದ್ ಅಲಿ ಅಕ್ರಮ್ ಷಾ ತಿಳಿಸಿದ್ದಾರೆ. ದಿಶಾ ಸಮಿತಿ ಸಭೆಯಲ್ಲಿ ಎಲ್ಲಾ ಇಲಾಖೆಗಳಿಗೆ ಸಂಬಂಧಿಸಿದಂತೆ ಎಲ್ಲಾ ಯೋಜನೆಗಳ 2025-26 ನೇ ಸಾಲಿನ ಮೊದಲ ತ್ರೈಮಾಸಿಕ ಪ್ರಗತಿ ಪರಿಶೀಲನೆ ನಡೆಸಲಾಗುತ್ತದೆ. ಎಲ್ಲಾ ಇಲಾಖೆಗಳಿಗೆ ಸಂಬಂಧಿಸಿದ ಕೂಡ್ಲಿಗಿ ತಾಲೂಕಿನ ಅಧಿಕಾರಿಗಳು ಖುದ್ದಾಗಿ ಎಲ್ಲಾ ಮಾಹಿತಿಯೊಂದಿಗೆ ಹಾಜರಾಗಬೇಕು. ಬಳ್ಳಾರಿ ಮತ್ತು ವಿಜಯನಗರ ಲೋಕಸಭಾ ಕ್ಷೇತ್ರದ ಸಂಸದರಾದ ಇ.ತುಕಾರಾಮ್ ಅವರ ಅಧ್ಯಕ್ಷತೆಯಲ್ಲಿ ಸಭೆ ಜರುಗಲಿದ್ದು, ದಿಶಾ ಸಭೆಯ ಪೂರ್ವದಲ್ಲಿ ಮಧ್ಯಾಹ್ನ 2 ಗಂಟೆಗೆ ಸಾರ್ವಜನಿಕರಿಂದ ಅಹವಾಲು ಸ್ವೀಕರಿಸಲಿದ್ದಾರೆ. ಸ್ಥಳೀಯ ಸಾರ್ವಜನಿಕರು ಸಭೆಯಲ್ಲಿ ಭಾಗವಹಿಸಿ ತಮ್ಮ ಕುಂದುಕೊರತೆಗಳನ್ನು ಸಲ್ಲಿಸಬಹುದು ಎಂದು ಪ್ರಕಟಣೆಯಲ್ಲಿ ತಿಳಿಸಿದ್ದಾರೆ.
ಬಿಜೆಪಿಯ ಅಶೋಕ ಜೀರೆ ಟೀಕೆ
ಅಸಂಬದ್ಧ ಹೇಳಿಕೆಗಳಿಂದಲೇ
ಪ್ರಿಯಾಂಕ ಖರ್ಗೆ ಖ್ಯಾತಿ
ಪ್ರಿಯಾಂಕ ಖರ್ಗೆ ನಮ್ಮ ರಾಜ್ಯದ ಒಬ್ಬ ಮಂತ್ರಿ. ಅದರೆ ಅವರು ಜನಮಾನಸದಲ್ಲಿರುವುದು ತಮ್ಮ ಕೆಲಸಗಳಿಂದಲ್ಲ, ತಮ್ಮ ಅಸಂಬದ್ಧ ಹೇಳಿಕೆಗಳಿಂದ. ಈಗ ಅವರು ಆರ್‌ಎಸ್‌ಎಸ್ ಬಗ್ಗೆ ಹೇಳಿಕೆ ನೀಡಿ ರಾಜ್ಯದಲ್ಲಿ ಅಶಾಂತಿ ಸೃಷ್ಟಿಸಲು ಹೊರಟಿದ್ದಾರೆ.
ಈ ಹೇಳಿಕೆ ನೋಡಿ ಅವರಿಗೆ ರಾಜ್ಯದ ಮುಖ್ಯಮಂತ್ರಿ ಹಾಗೂ ಹಿರಿಯ ಕಾಂಗ್ರೆಸ್ ನಾಯಕರೂ ಮುಜುಗರಕ್ಕೆ ಒಳಗಾಗಿದ್ದಾರೆ. ಮಾನಸಿಕ ಅಸಂಬದ್ಧ ಮನಸ್ಥಿತಿಯಿಂದ ಹೊರಬರಬೇಕು. ಯಾರಿಗೋ ಮೆಚ್ಚಿಸಲು ಸಂಘವನ್ನು ಟೀಕಿಸುವುದನ್ನು ನಿಲ್ಲಿಸಬೇಕು. ಸಂಘವು ದೇಶಭಕ್ತಿಯ ಸಂಘಟನೆ, ಅದು ಸಮಾಜ ಸೇವೆ, ವಿಪತ್ತು ಪರಿಹಾರ, ಶಿಕ್ಷಣ, ಸಂಸ್ಕೃತಿ ಕ್ಷೇತ್ರಗಳಲ್ಲಿ ಅಪಾರ ಕೆಲಸ ಮಾಡುತ್ತಿದೆ. ಅಂತಹ ಸಂಘಟನೆಯ ಬಗ್ಗೆ ಅರಿವಿಲ್ಲದೆ ಮಾತನಾಡುವುದು ಅವರ ಅಜ್ಞಾನವನ್ನು ತೋರಿಸುತ್ತದೆ. ರಾಜ್ಯದ ಅಭಿವೃದ್ಧಿಗೆ ಗಮನ ಕೊಡದೆ, ಮುಖ್ಯಮಂತ್ರಿ ಸ್ಥಾನದ ಕನಸಿನಲ್ಲಿ ವಿವಾದ ಸೃಷ್ಟಿಸುವುದು ಸರಿಯಲ್ಲ. ಜನರು ಇವರನ್ನು ಗಮನಿಸುತ್ತಿದ್ದಾರೆ, ಮುಂದಿನ ಚುನಾವಣೆಯಲ್ಲಿ ತಕ್ಕ ಉತ್ತರ ನೀಡಲಿದ್ದಾರೆ ಎಂದು ತಿಳಿಸಿದರು.
-ಅಶೋಕ ಜೀರೆ.
